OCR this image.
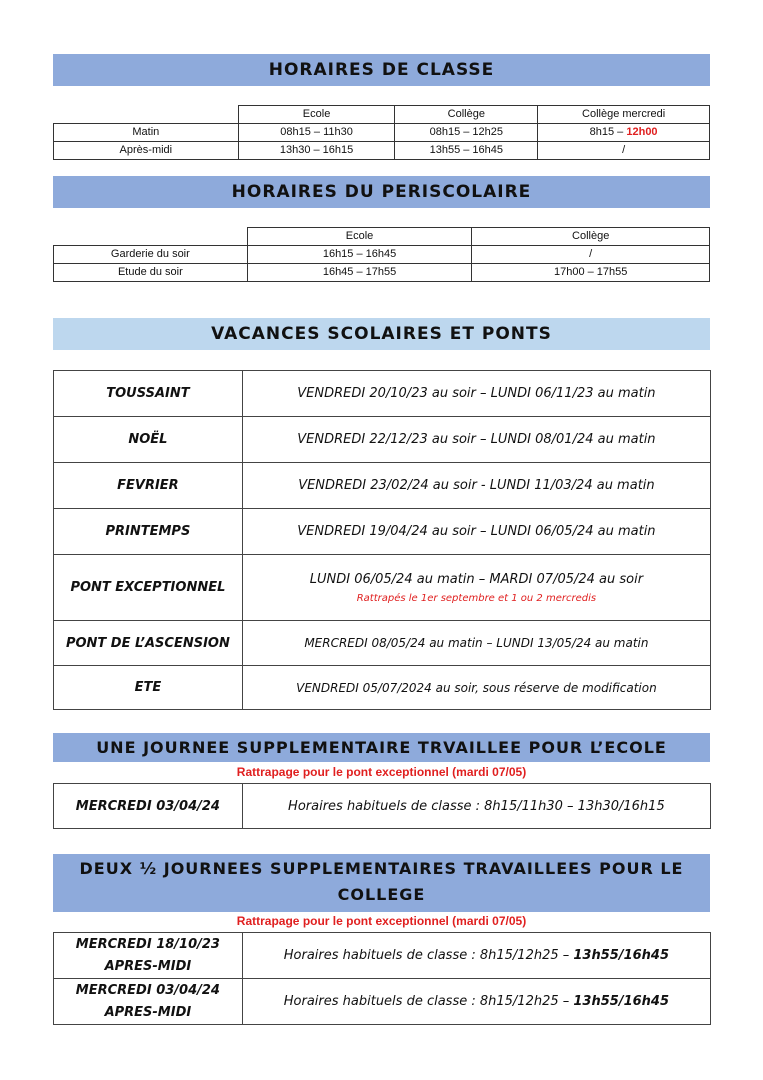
HORAIRES DE CLASSE
	Ecole	Collège	Collège mercredi
Matin	08h15 – 11h30	08h15 – 12h25	8h15 – 12h00
Après-midi	13h30 – 16h15	13h55 – 16h45	/
HORAIRES DU PERISCOLAIRE
	Ecole	Collège
Garderie du soir	16h15 – 16h45	/
Etude du soir	16h45 – 17h55	17h00 – 17h55
VACANCES SCOLAIRES ET PONTS
TOUSSAINT	VENDREDI 20/10/23 au soir – LUNDI 06/11/23 au matin
NOËL	VENDREDI 22/12/23 au soir – LUNDI 08/01/24 au matin
FEVRIER	VENDREDI 23/02/24 au soir - LUNDI 11/03/24 au matin
PRINTEMPS	VENDREDI 19/04/24 au soir – LUNDI 06/05/24 au matin
PONT EXCEPTIONNEL	LUNDI 06/05/24 au matin – MARDI 07/05/24 au soir
Rattrapés le 1er septembre et 1 ou 2 mercredis

PONT DE L’ASCENSION	MERCREDI 08/05/24 au matin – LUNDI 13/05/24 au matin
ETE	VENDREDI 05/07/2024 au soir, sous réserve de modification
UNE JOURNEE SUPPLEMENTAIRE TRVAILLEE POUR L’ECOLE
Rattrapage pour le pont exceptionnel (mardi 07/05)
MERCREDI 03/04/24	Horaires habituels de classe : 8h15/11h30 – 13h30/16h15
DEUX ½ JOURNEES SUPPLEMENTAIRES TRAVAILLEES POUR LE
COLLEGE
Rattrapage pour le pont exceptionnel (mardi 07/05)
MERCREDI 18/10/23
APRES-MIDI	Horaires habituels de classe : 8h15/12h25 – 13h55/16h45

MERCREDI 03/04/24
APRES-MIDI	Horaires habituels de classe : 8h15/12h25 – 13h55/16h45
